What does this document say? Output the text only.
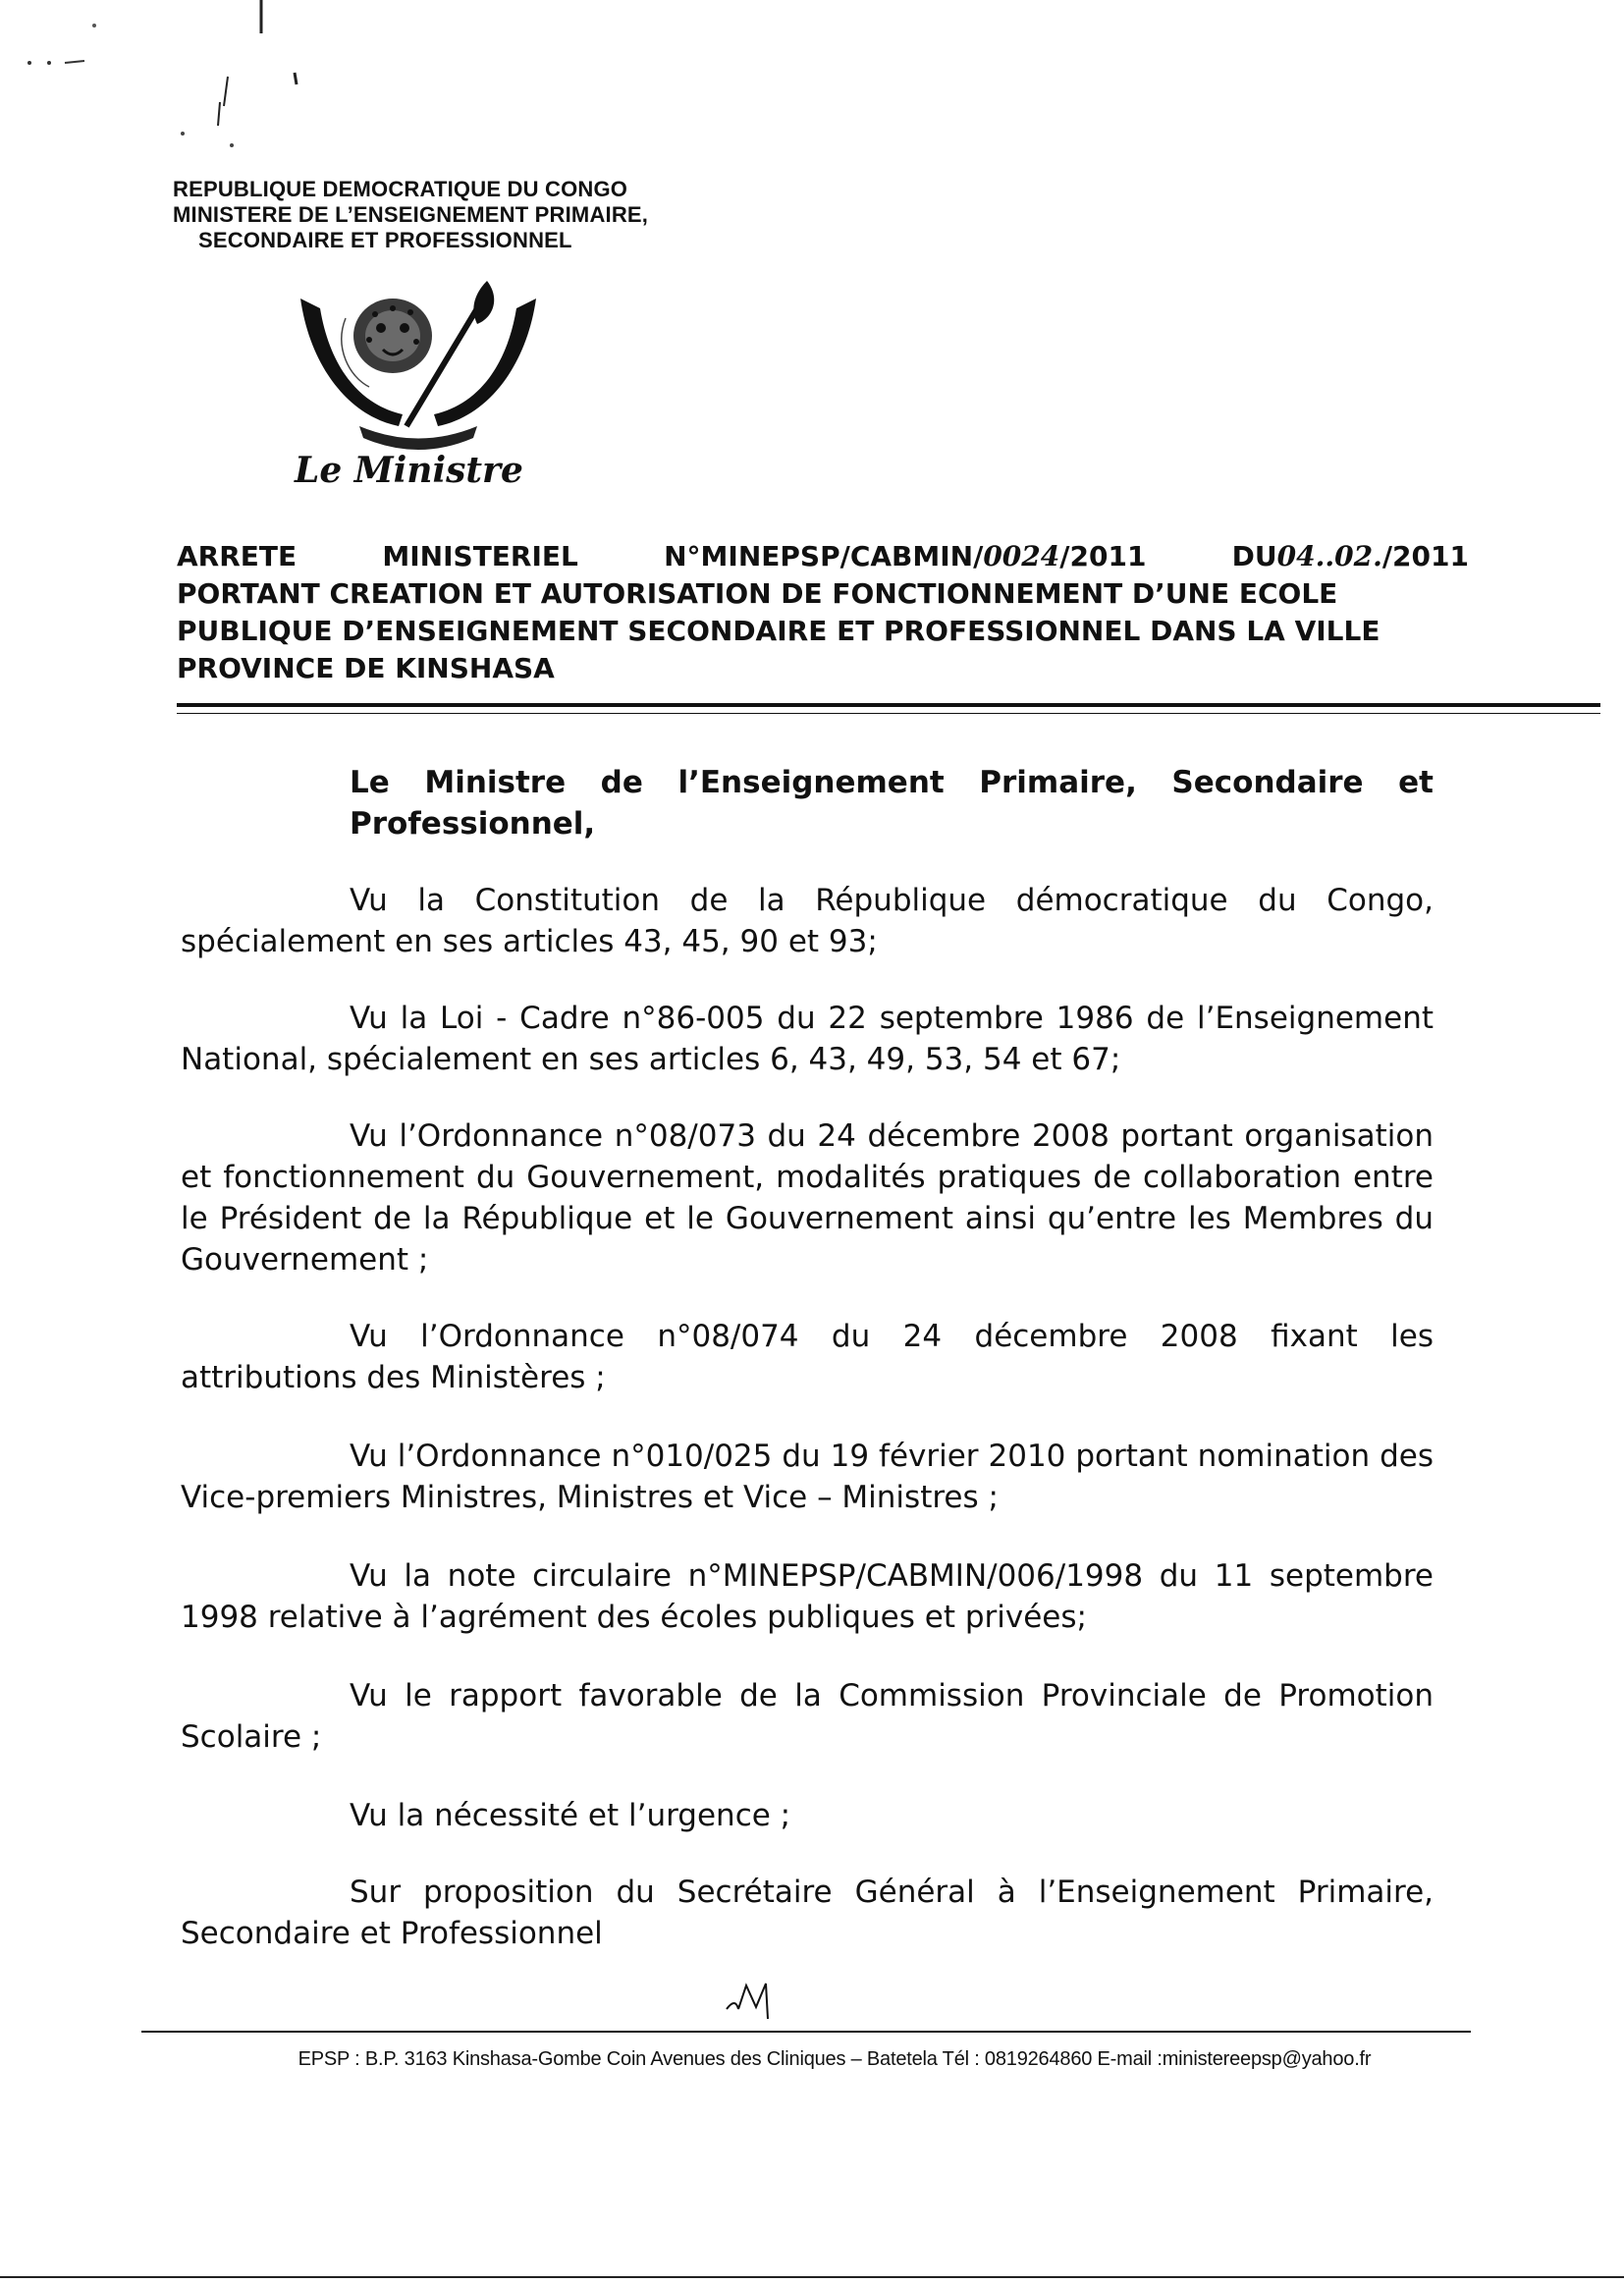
REPUBLIQUE DEMOCRATIQUE DU CONGO
MINISTERE DE L’ENSEIGNEMENT PRIMAIRE,
SECONDAIRE ET PROFESSIONNEL
Le Ministre
ARRETE	MINISTERIEL	N°MINEPSP/CABMIN/0024/2011	DU04..02./2011
PORTANT CREATION ET AUTORISATION DE FONCTIONNEMENT D’UNE ECOLE
PUBLIQUE D’ENSEIGNEMENT SECONDAIRE ET PROFESSIONNEL DANS LA VILLE
PROVINCE DE KINSHASA
Le Ministre de l’Enseignement Primaire, Secondaire et Professionnel,
Vu la Constitution de la République démocratique du Congo, spécialement en ses articles 43, 45, 90 et 93;
Vu la Loi - Cadre n°86-005 du 22 septembre 1986 de l’Enseignement National, spécialement en ses articles 6, 43, 49, 53, 54 et 67;
Vu l’Ordonnance n°08/073 du 24 décembre 2008 portant organisation et fonctionnement du Gouvernement, modalités pratiques de collaboration entre le Président de la République et le Gouvernement ainsi qu’entre les Membres du Gouvernement ;
Vu l’Ordonnance n°08/074 du 24 décembre 2008 fixant les attributions des Ministères ;
Vu l’Ordonnance n°010/025 du 19 février 2010 portant nomination des Vice-premiers Ministres, Ministres et Vice – Ministres ;
Vu la note circulaire n°MINEPSP/CABMIN/006/1998 du 11 septembre 1998 relative à l’agrément des écoles publiques et privées;
Vu le rapport favorable de la Commission Provinciale de Promotion Scolaire ;
Vu la nécessité et l’urgence ;
Sur proposition du Secrétaire Général à l’Enseignement Primaire, Secondaire et Professionnel
EPSP : B.P. 3163 Kinshasa-Gombe Coin Avenues des Cliniques – Batetela Tél : 0819264860 E-mail :ministereepsp@yahoo.fr
